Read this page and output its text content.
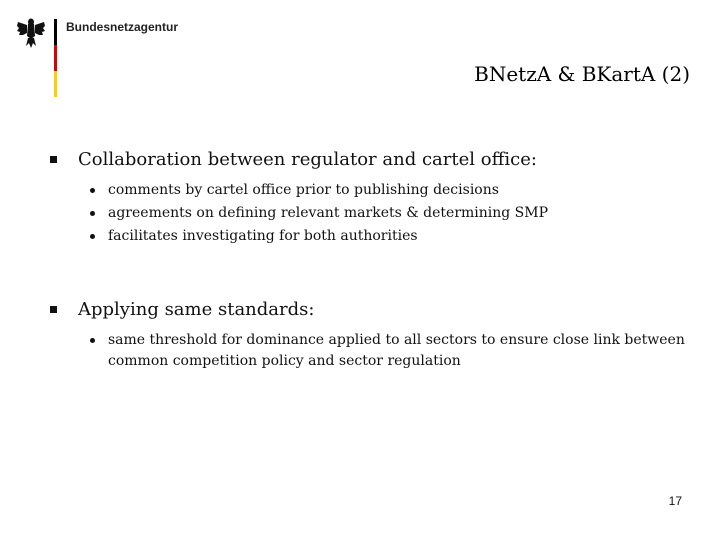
Bundesnetzagentur
BNetzA & BKartA (2)
Collaboration between regulator and cartel office:
comments by cartel office prior to publishing decisions
agreements on defining relevant markets & determining SMP
facilitates investigating for both authorities
Applying same standards:
same threshold for dominance applied to all sectors to ensure close link between common competition policy and sector regulation
17
